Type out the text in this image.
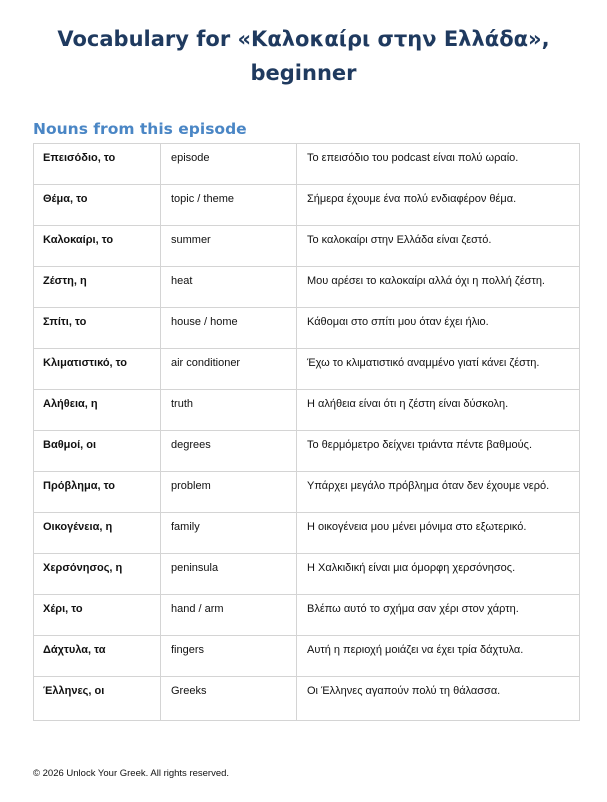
Vocabulary for «Καλοκαίρι στην Ελλάδα»,
beginner
Nouns from this episode
Επεισόδιο, το	episode	Το επεισόδιο του podcast είναι πολύ ωραίο.
Θέμα, το	topic / theme	Σήμερα έχουμε ένα πολύ ενδιαφέρον θέμα.
Καλοκαίρι, το	summer	Το καλοκαίρι στην Ελλάδα είναι ζεστό.
Ζέστη, η	heat	Μου αρέσει το καλοκαίρι αλλά όχι η πολλή ζέστη.
Σπίτι, το	house / home	Κάθομαι στο σπίτι μου όταν έχει ήλιο.
Κλιματιστικό, το	air conditioner	Έχω το κλιματιστικό αναμμένο γιατί κάνει ζέστη.
Αλήθεια, η	truth	Η αλήθεια είναι ότι η ζέστη είναι δύσκολη.
Βαθμοί, οι	degrees	Το θερμόμετρο δείχνει τριάντα πέντε βαθμούς.
Πρόβλημα, το	problem	Υπάρχει μεγάλο πρόβλημα όταν δεν έχουμε νερό.
Οικογένεια, η	family	Η οικογένεια μου μένει μόνιμα στο εξωτερικό.
Χερσόνησος, η	peninsula	Η Χαλκιδική είναι μια όμορφη χερσόνησος.
Χέρι, το	hand / arm	Βλέπω αυτό το σχήμα σαν χέρι στον χάρτη.
Δάχτυλα, τα	fingers	Αυτή η περιοχή μοιάζει να έχει τρία δάχτυλα.
Έλληνες, οι	Greeks	Οι Έλληνες αγαπούν πολύ τη θάλασσα.
© 2026 Unlock Your Greek. All rights reserved.
